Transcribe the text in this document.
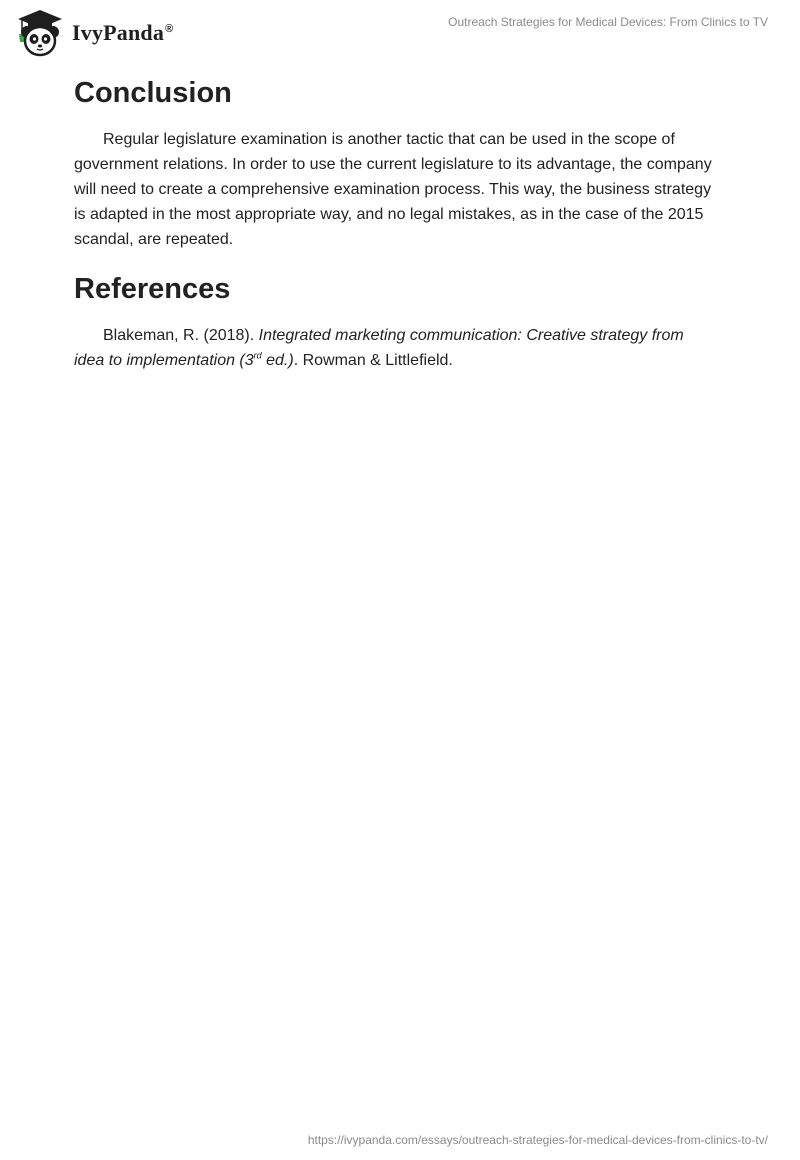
IvyPanda®	Outreach Strategies for Medical Devices: From Clinics to TV
Conclusion

Regular legislature examination is another tactic that can be used in the scope of government relations. In order to use the current legislature to its advantage, the company will need to create a comprehensive examination process. This way, the business strategy is adapted in the most appropriate way, and no legal mistakes, as in the case of the 2015 scandal, are repeated.

References

Blakeman, R. (2018). Integrated marketing communication: Creative strategy from idea to implementation (3rd ed.). Rowman & Littlefield.

https://ivypanda.com/essays/outreach-strategies-for-medical-devices-from-clinics-to-tv/
